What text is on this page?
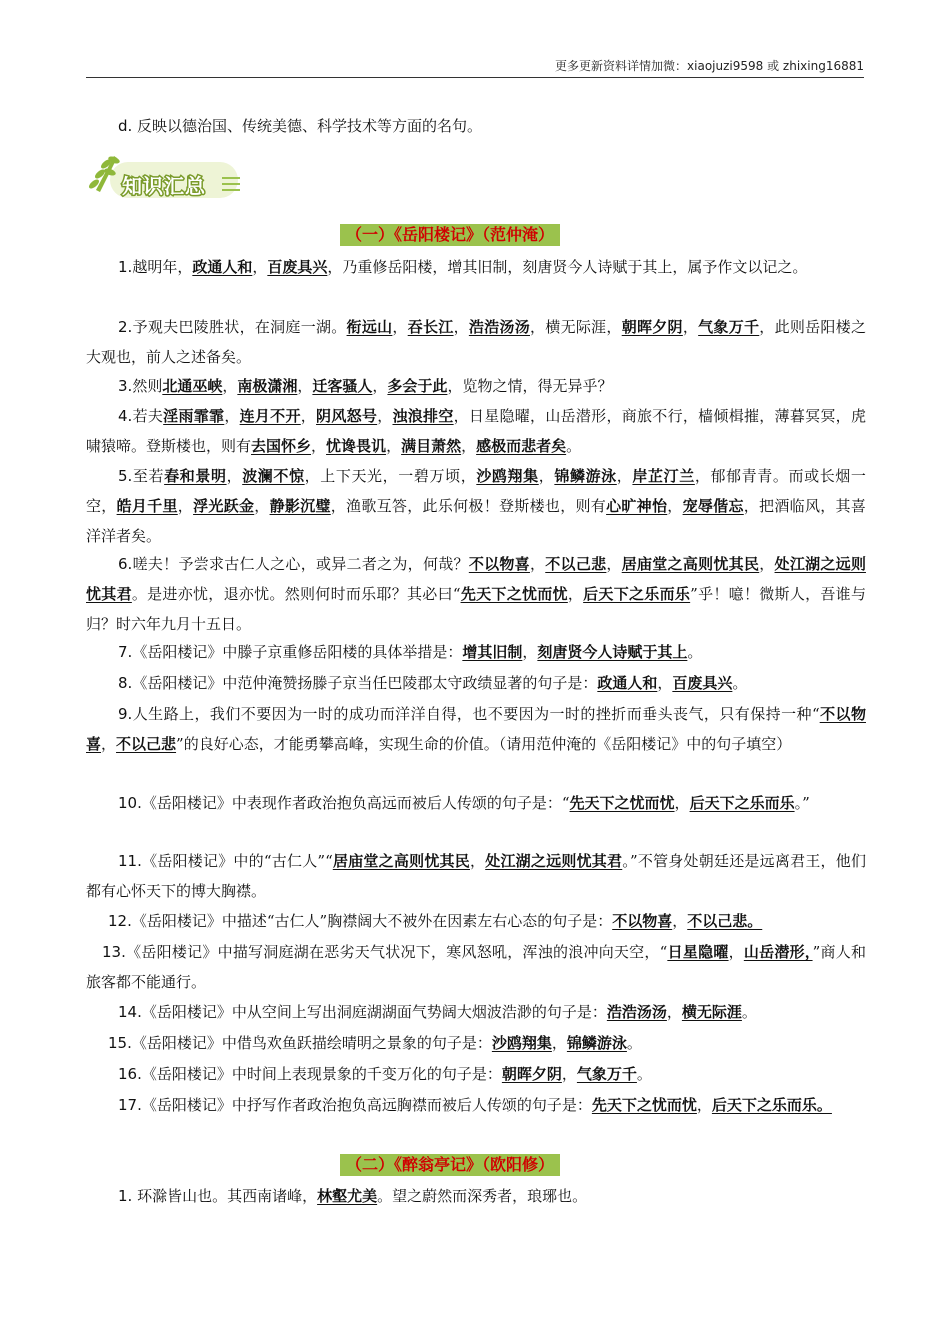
更多更新资料详情加微：xiaojuzi9598 或 zhixing16881
d. 反映以德治国、传统美德、科学技术等方面的名句。
知识汇总
（一）《岳阳楼记》（范仲淹）
1.越明年，政通人和，百废具兴，乃重修岳阳楼，增其旧制，刻唐贤今人诗赋于其上，属予作文以记之。
2.予观夫巴陵胜状，在洞庭一湖。衔远山，吞长江，浩浩汤汤，横无际涯，朝晖夕阴，气象万千，此则岳阳楼之大观也，前人之述备矣。
3.然则北通巫峡，南极潇湘，迁客骚人，多会于此，览物之情，得无异乎？
4.若夫淫雨霏霏，连月不开，阴风怒号，浊浪排空，日星隐曜，山岳潜形，商旅不行，樯倾楫摧，薄暮冥冥，虎啸猿啼。登斯楼也，则有去国怀乡，忧谗畏讥，满目萧然，感极而悲者矣。
5.至若春和景明，波澜不惊，上下天光，一碧万顷，沙鸥翔集，锦鳞游泳，岸芷汀兰，郁郁青青。而或长烟一空，皓月千里，浮光跃金，静影沉璧，渔歌互答，此乐何极！登斯楼也，则有心旷神怡，宠辱偕忘，把酒临风，其喜洋洋者矣。
6.嗟夫！予尝求古仁人之心，或异二者之为，何哉？不以物喜，不以己悲，居庙堂之高则忧其民，处江湖之远则忧其君。是进亦忧，退亦忧。然则何时而乐耶？其必曰“先天下之忧而忧，后天下之乐而乐”乎！噫！微斯人，吾谁与归？时六年九月十五日。
7.《岳阳楼记》中滕子京重修岳阳楼的具体举措是：增其旧制，刻唐贤今人诗赋于其上。
8.《岳阳楼记》中范仲淹赞扬滕子京当任巴陵郡太守政绩显著的句子是：政通人和，百废具兴。
9.人生路上，我们不要因为一时的成功而洋洋自得，也不要因为一时的挫折而垂头丧气，只有保持一种“不以物喜，不以己悲”的良好心态，才能勇攀高峰，实现生命的价值。（请用范仲淹的《岳阳楼记》中的句子填空）
10.《岳阳楼记》中表现作者政治抱负高远而被后人传颂的句子是：“先天下之忧而忧，后天下之乐而乐。”
11.《岳阳楼记》中的“古仁人”“居庙堂之高则忧其民，处江湖之远则忧其君。”不管身处朝廷还是远离君王，他们都有心怀天下的博大胸襟。
12.《岳阳楼记》中描述“古仁人”胸襟阔大不被外在因素左右心态的句子是：不以物喜，不以己悲。
13.《岳阳楼记》中描写洞庭湖在恶劣天气状况下，寒风怒吼，浑浊的浪冲向天空，“日星隐曜，山岳潜形，”商人和旅客都不能通行。
14.《岳阳楼记》中从空间上写出洞庭湖湖面气势阔大烟波浩渺的句子是：浩浩汤汤，横无际涯。
15.《岳阳楼记》中借鸟欢鱼跃描绘晴明之景象的句子是：沙鸥翔集，锦鳞游泳。
16.《岳阳楼记》中时间上表现景象的千变万化的句子是：朝晖夕阴，气象万千。
17.《岳阳楼记》中抒写作者政治抱负高远胸襟而被后人传颂的句子是：先天下之忧而忧，后天下之乐而乐。
（二）《醉翁亭记》（欧阳修）
1. 环滁皆山也。其西南诸峰，林壑尤美。望之蔚然而深秀者，琅琊也。
